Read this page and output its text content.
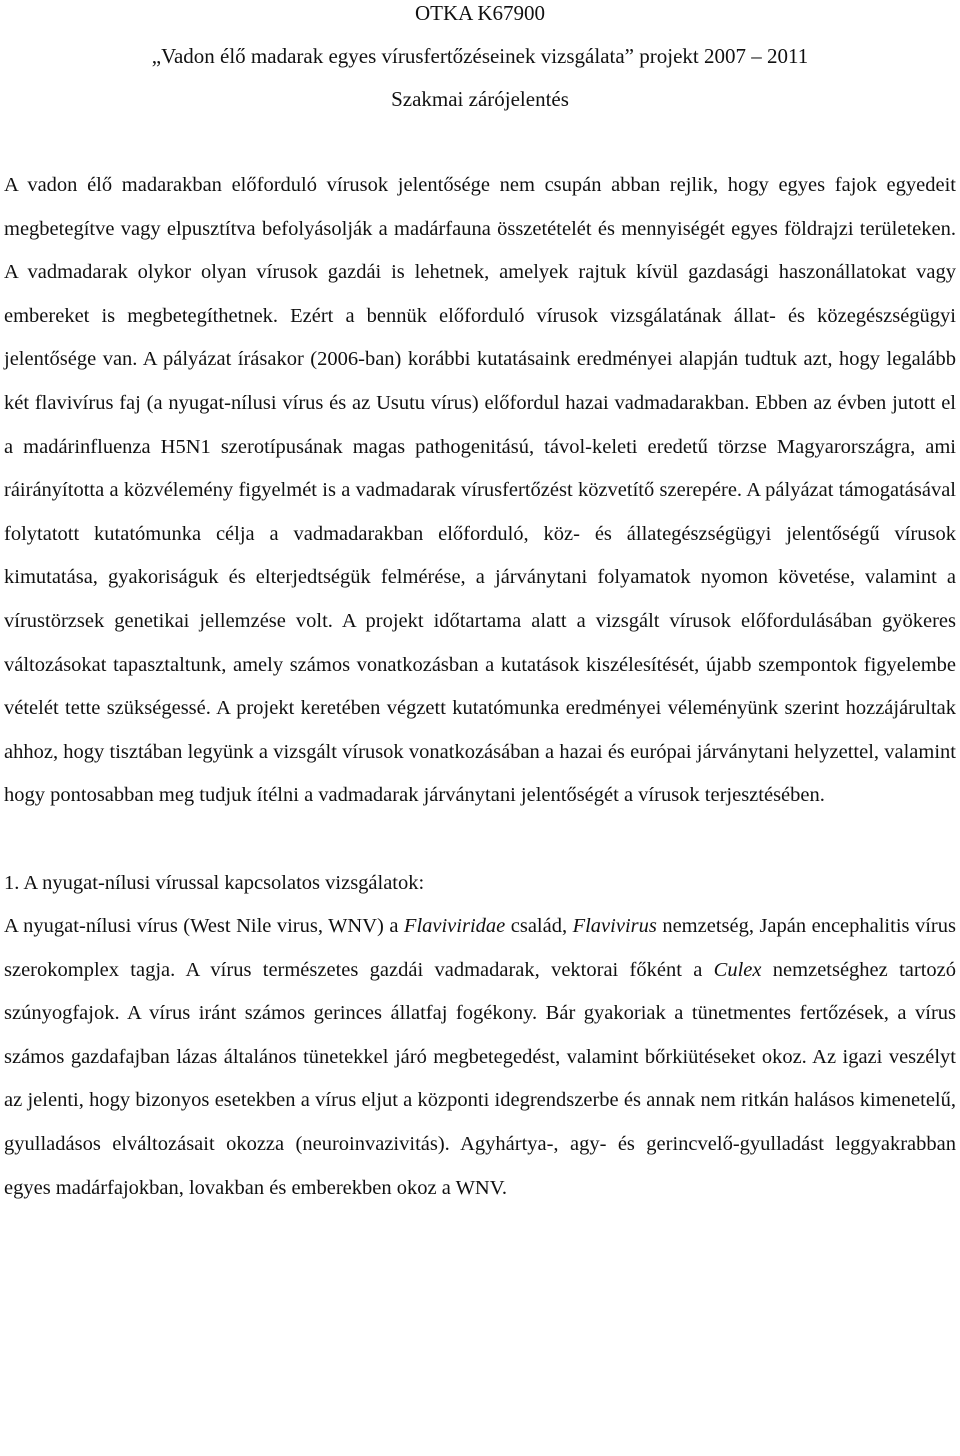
OTKA K67900
„Vadon élő madarak egyes vírusfertőzéseinek vizsgálata” projekt 2007 – 2011
Szakmai zárójelentés

A vadon élő madarakban előforduló vírusok jelentősége nem csupán abban rejlik, hogy egyes fajok egyedeit megbetegítve vagy elpusztítva befolyásolják a madárfauna összetételét és mennyiségét egyes földrajzi területeken. A vadmadarak olykor olyan vírusok gazdái is lehetnek, amelyek rajtuk kívül gazdasági haszonállatokat vagy embereket is megbetegíthetnek. Ezért a bennük előforduló vírusok vizsgálatának állat- és közegészségügyi jelentősége van. A pályázat írásakor (2006-ban) korábbi kutatásaink eredményei alapján tudtuk azt, hogy legalább két flavivírus faj (a nyugat-nílusi vírus és az Usutu vírus) előfordul hazai vadmadarakban. Ebben az évben jutott el a madárinfluenza H5N1 szerotípusának magas pathogenitású, távol-keleti eredetű törzse Magyarországra, ami ráirányította a közvélemény figyelmét is a vadmadarak vírusfertőzést közvetítő szerepére. A pályázat támogatásával folytatott kutatómunka célja a vadmadarakban előforduló, köz- és állategészségügyi jelentőségű vírusok kimutatása, gyakoriságuk és elterjedtségük felmérése, a járványtani folyamatok nyomon követése, valamint a vírustörzsek genetikai jellemzése volt. A projekt időtartama alatt a vizsgált vírusok előfordulásában gyökeres változásokat tapasztaltunk, amely számos vonatkozásban a kutatások kiszélesítését, újabb szempontok figyelembe vételét tette szükségessé. A projekt keretében végzett kutatómunka eredményei véleményünk szerint hozzájárultak ahhoz, hogy tisztában legyünk a vizsgált vírusok vonatkozásában a hazai és európai járványtani helyzettel, valamint hogy pontosabban meg tudjuk ítélni a vadmadarak járványtani jelentőségét a vírusok terjesztésében.

1. A nyugat-nílusi vírussal kapcsolatos vizsgálatok:

A nyugat-nílusi vírus (West Nile virus, WNV) a Flaviviridae család, Flavivirus nemzetség, Japán encephalitis vírus szerokomplex tagja. A vírus természetes gazdái vadmadarak, vektorai főként a Culex nemzetséghez tartozó szúnyogfajok. A vírus iránt számos gerinces állatfaj fogékony. Bár gyakoriak a tünetmentes fertőzések, a vírus számos gazdafajban lázas általános tünetekkel járó megbetegedést, valamint bőrkiütéseket okoz. Az igazi veszélyt az jelenti, hogy bizonyos esetekben a vírus eljut a központi idegrendszerbe és annak nem ritkán halásos kimenetelű, gyulladásos elváltozásait okozza (neuroinvazivitás). Agyhártya-, agy- és gerincvelő-gyulladást leggyakrabban egyes madárfajokban, lovakban és emberekben okoz a WNV.
